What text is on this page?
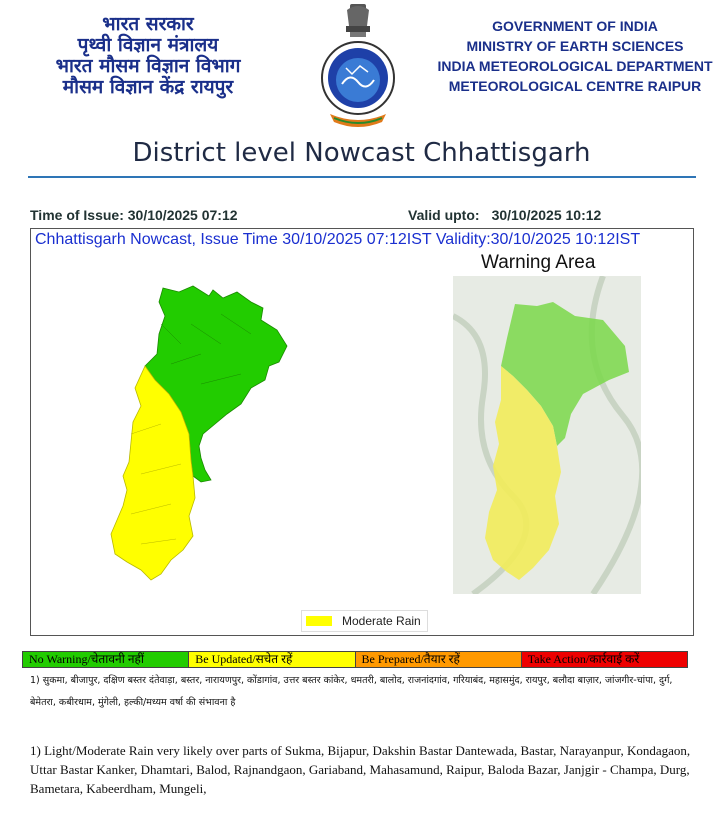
भारत सरकार
पृथ्वी विज्ञान मंत्रालय
भारत मौसम विज्ञान विभाग
मौसम विज्ञान केंद्र रायपुर
GOVERNMENT OF INDIA
MINISTRY OF EARTH SCIENCES
INDIA METEOROLOGICAL DEPARTMENT
METEOROLOGICAL CENTRE RAIPUR
District level Nowcast Chhattisgarh
Time of Issue: 30/10/2025 07:12	Valid upto: 30/10/2025 10:12
Chhattisgarh Nowcast, Issue Time 30/10/2025 07:12IST Validity:30/10/2025 10:12IST
Warning Area
Moderate Rain
No Warning/चेतावनी नहीं	Be Updated/सचेत रहें	Be Prepared/तैयार रहें	Take Action/कार्रवाई करें
1) सुकमा, बीजापुर, दक्षिण बस्तर दंतेवाड़ा, बस्तर, नारायणपुर, कोंडागांव, उत्तर बस्तर कांकेर, धमतरी, बालोद, राजनांदगांव, गरियाबंद, महासमुंद, रायपुर, बलौदा बाज़ार, जांजगीर-चांपा, दुर्ग, बेमेतरा, कबीरधाम, मुंगेली, हल्की/मध्यम वर्षा की संभावना है
1) Light/Moderate Rain very likely over parts of Sukma, Bijapur, Dakshin Bastar Dantewada, Bastar, Narayanpur, Kondagaon, Uttar Bastar Kanker, Dhamtari, Balod, Rajnandgaon, Gariaband, Mahasamund, Raipur, Baloda Bazar, Janjgir - Champa, Durg, Bametara, Kabeerdham, Mungeli,
